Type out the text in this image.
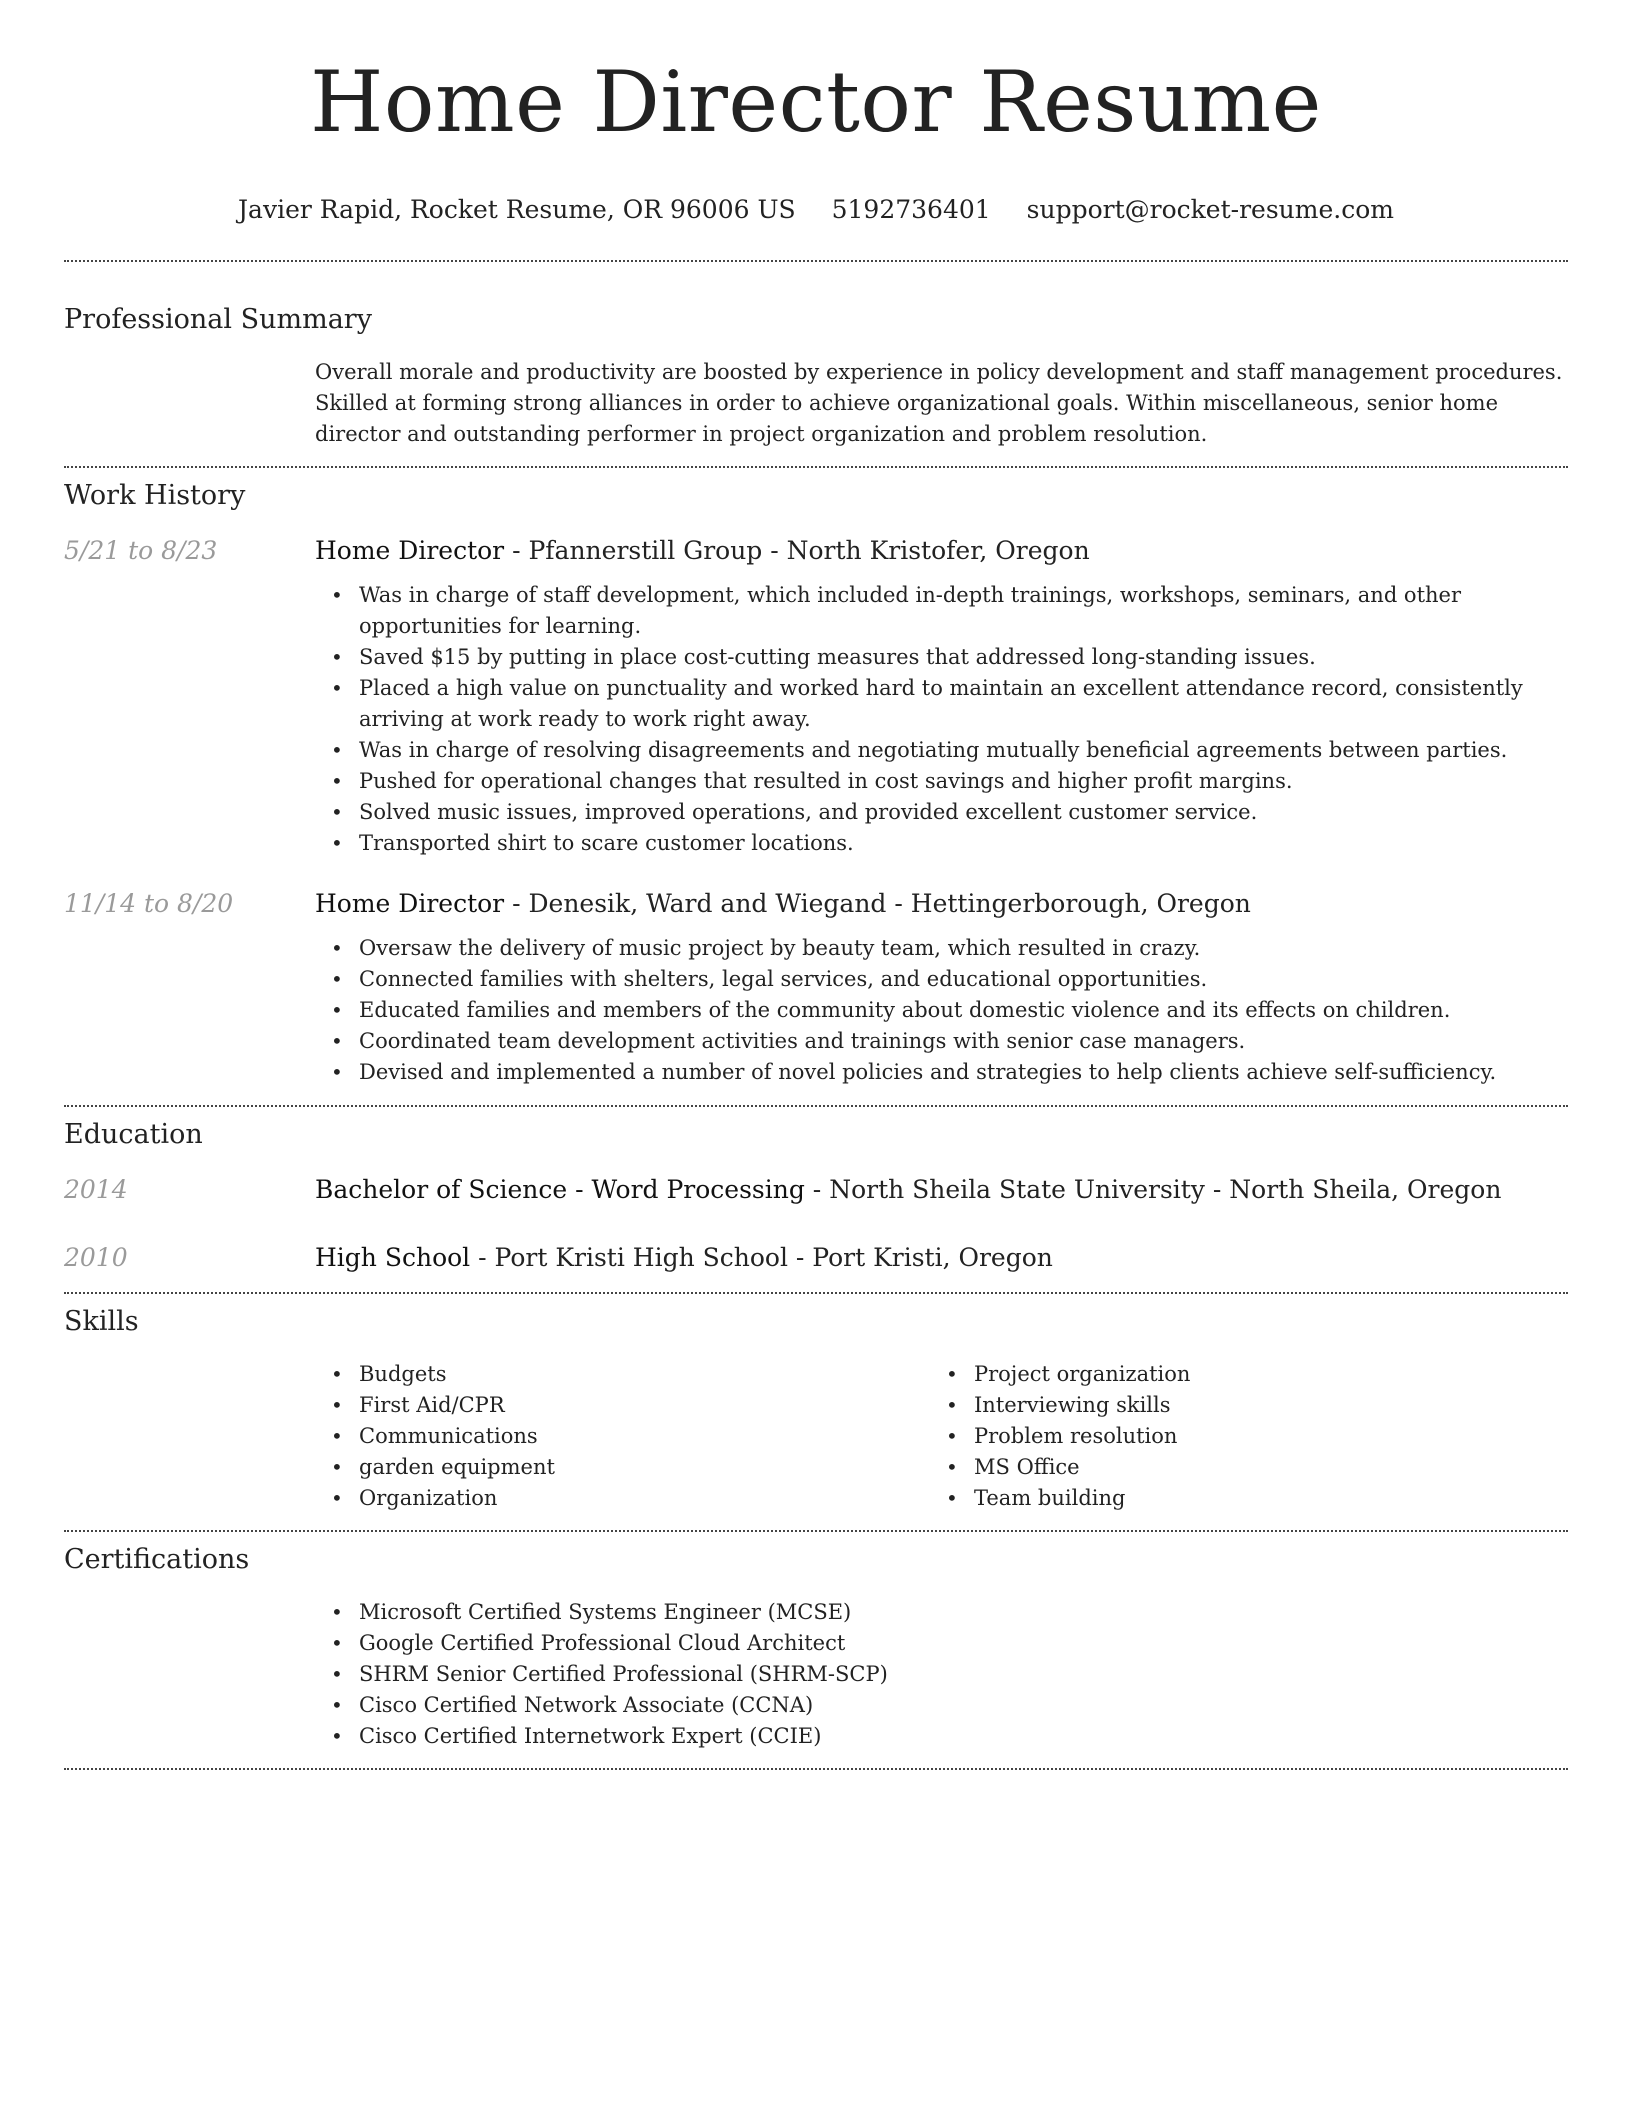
Home Director Resume
Javier Rapid, Rocket Resume, OR 96006 US 5192736401 support@rocket-resume.com
Professional Summary

Overall morale and productivity are boosted by experience in policy development and staff management procedures. Skilled at forming strong alliances in order to achieve organizational goals. Within miscellaneous, senior home director and outstanding performer in project organization and problem resolution.

Work History
5/21 to 8/23	Home Director - Pfannerstill Group - North Kristofer, Oregon
• Was in charge of staff development, which included in-depth trainings, workshops, seminars, and other opportunities for learning.
• Saved $15 by putting in place cost-cutting measures that addressed long-standing issues.
• Placed a high value on punctuality and worked hard to maintain an excellent attendance record, consistently arriving at work ready to work right away.
• Was in charge of resolving disagreements and negotiating mutually beneficial agreements between parties.
• Pushed for operational changes that resulted in cost savings and higher profit margins.
• Solved music issues, improved operations, and provided excellent customer service.
• Transported shirt to scare customer locations.
11/14 to 8/20	Home Director - Denesik, Ward and Wiegand - Hettingerborough, Oregon
• Oversaw the delivery of music project by beauty team, which resulted in crazy.
• Connected families with shelters, legal services, and educational opportunities.
• Educated families and members of the community about domestic violence and its effects on children.
• Coordinated team development activities and trainings with senior case managers.
• Devised and implemented a number of novel policies and strategies to help clients achieve self-sufficiency.
Education
2014	Bachelor of Science - Word Processing - North Sheila State University - North Sheila, Oregon
2010	High School - Port Kristi High School - Port Kristi, Oregon
Skills
• Budgets
• First Aid/CPR
• Communications
• garden equipment
• Organization
• Project organization
• Interviewing skills
• Problem resolution
• MS Office
• Team building
Certifications
• Microsoft Certified Systems Engineer (MCSE)
• Google Certified Professional Cloud Architect
• SHRM Senior Certified Professional (SHRM-SCP)
• Cisco Certified Network Associate (CCNA)
• Cisco Certified Internetwork Expert (CCIE)
